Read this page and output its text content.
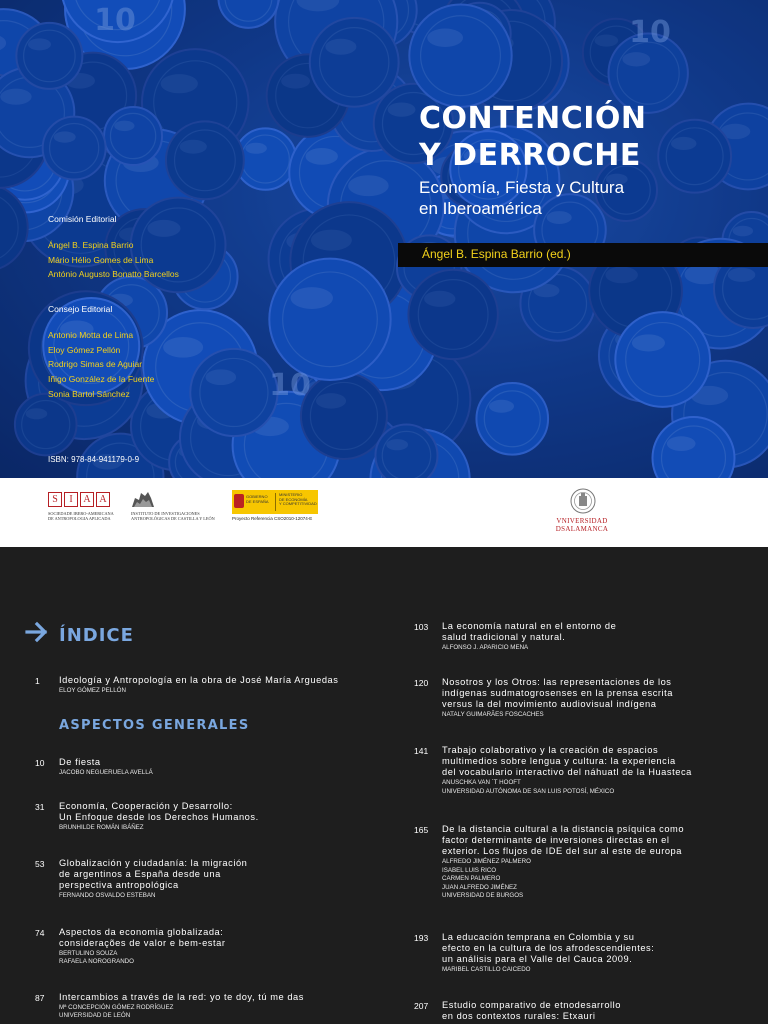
CONTENCIÓN
Y DERROCHE
Economía, Fiesta y Cultura
en Iberoamérica
Ángel B. Espina Barrio (ed.)
Comisión Editorial
Ángel B. Espina Barrio
Mário Hélio Gomes de Lima
António Augusto Bonatto Barcellos
Consejo Editorial
Antonio Motta de Lima
Eloy Gómez Pellón
Rodrigo Simas de Aguiar
Iñigo González de la Fuente
Sonia Bartol Sánchez
ISBN: 978-84-941179-0-9
S	I	A A
SOCIEDADE IBERO-AMERICANA
DE ANTROPOLOGIA APLICADA
INSTITUTO DE INVESTIGACIONES
ANTROPOLÓGICAS DE CASTILLA Y LEÓN
GOBIERNO
DE ESPAÑA
MINISTERIO
DE ECONOMÍA
Y COMPETITIVIDAD
Proyecto Referencia CSO2010-12074-E	VNIVERSIDAD
DSALAMANCA
ÍNDICE
ASPECTOS GENERALES
1 Ideología y Antropología en la obra de José María Arguedas
ELOY GÓMEZ PELLÓN
10 De fiesta
JACOBO NEGUERUELA AVELLÁ
31 Economía, Cooperación y Desarrollo:
Un Enfoque desde los Derechos Humanos.
BRUNHILDE ROMÁN IBÁÑEZ
53 Globalización y ciudadanía: la migración
de argentinos a España desde una
perspectiva antropológica
FERNANDO OSVALDO ESTEBAN
74 Aspectos da economia globalizada:
considerações de valor e bem-estar
BERTULINO SOUZA
RAFAELA NOROGRANDO
87 Intercambios a través de la red: yo te doy, tú me das
Mª CONCEPCIÓN GÓMEZ RODRÍGUEZ
UNIVERSIDAD DE LEÓN
103 La economía natural en el entorno de
salud tradicional y natural.
ALFONSO J. APARICIO MENA
120 Nosotros y los Otros: las representaciones de los
indígenas sudmatogrosenses en la prensa escrita
versus la del movimiento audiovisual indígena
NATALY GUIMARÃES FOSCACHES
141 Trabajo colaborativo y la creación de espacios
multimedios sobre lengua y cultura: la experiencia
del vocabulario interactivo del náhuatl de la Huasteca
ANUSCHKA VAN ´T HOOFT
UNIVERSIDAD AUTÓNOMA DE SAN LUIS POTOSÍ, MÉXICO
165 De la distancia cultural a la distancia psíquica como
factor determinante de inversiones directas en el
exterior. Los flujos de IDE del sur al este de europa
ALFREDO JIMÉNEZ PALMERO
ISABEL LUIS RICO
CARMEN PALMERO
JUAN ALFREDO JIMÉNEZ
UNIVERSIDAD DE BURGOS
193 La educación temprana en Colombia y su
efecto en la cultura de los afrodescendientes:
un análisis para el Valle del Cauca 2009.
MARIBEL CASTILLO CAICEDO
207 Estudio comparativo de etnodesarrollo
en dos contextos rurales: Etxauri
